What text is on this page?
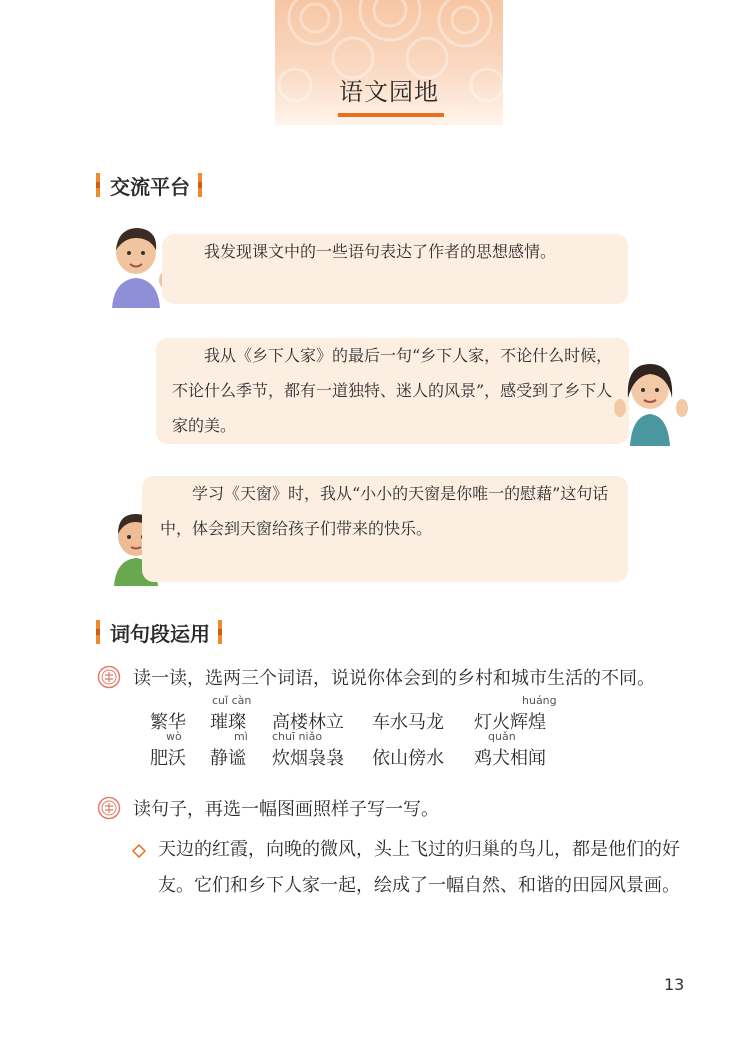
语文园地
交流平台

我发现课文中的一些语句表达了作者的思想感情。

我从《乡下人家》的最后一句“乡下人家，不论什么时候，不论什么季节，都有一道独特、迷人的风景”，感受到了乡下人家的美。

学习《天窗》时，我从“小小的天窗是你唯一的慰藉”这句话中，体会到天窗给孩子们带来的快乐。

词句段运用
读一读，选两三个词语，说说你体会到的乡村和城市生活的不同。
cuǐ càn	huáng
繁华 璀璨 高楼林立 车水马龙 灯火辉煌
wò	mì chuī niǎo	quǎn
肥沃 静谧 炊烟袅袅 依山傍水 鸡犬相闻
读句子，再选一幅图画照样子写一写。

天边的红霞，向晚的微风，头上飞过的归巢的鸟儿，都是他们的好友。它们和乡下人家一起，绘成了一幅自然、和谐的田园风景画。

13
